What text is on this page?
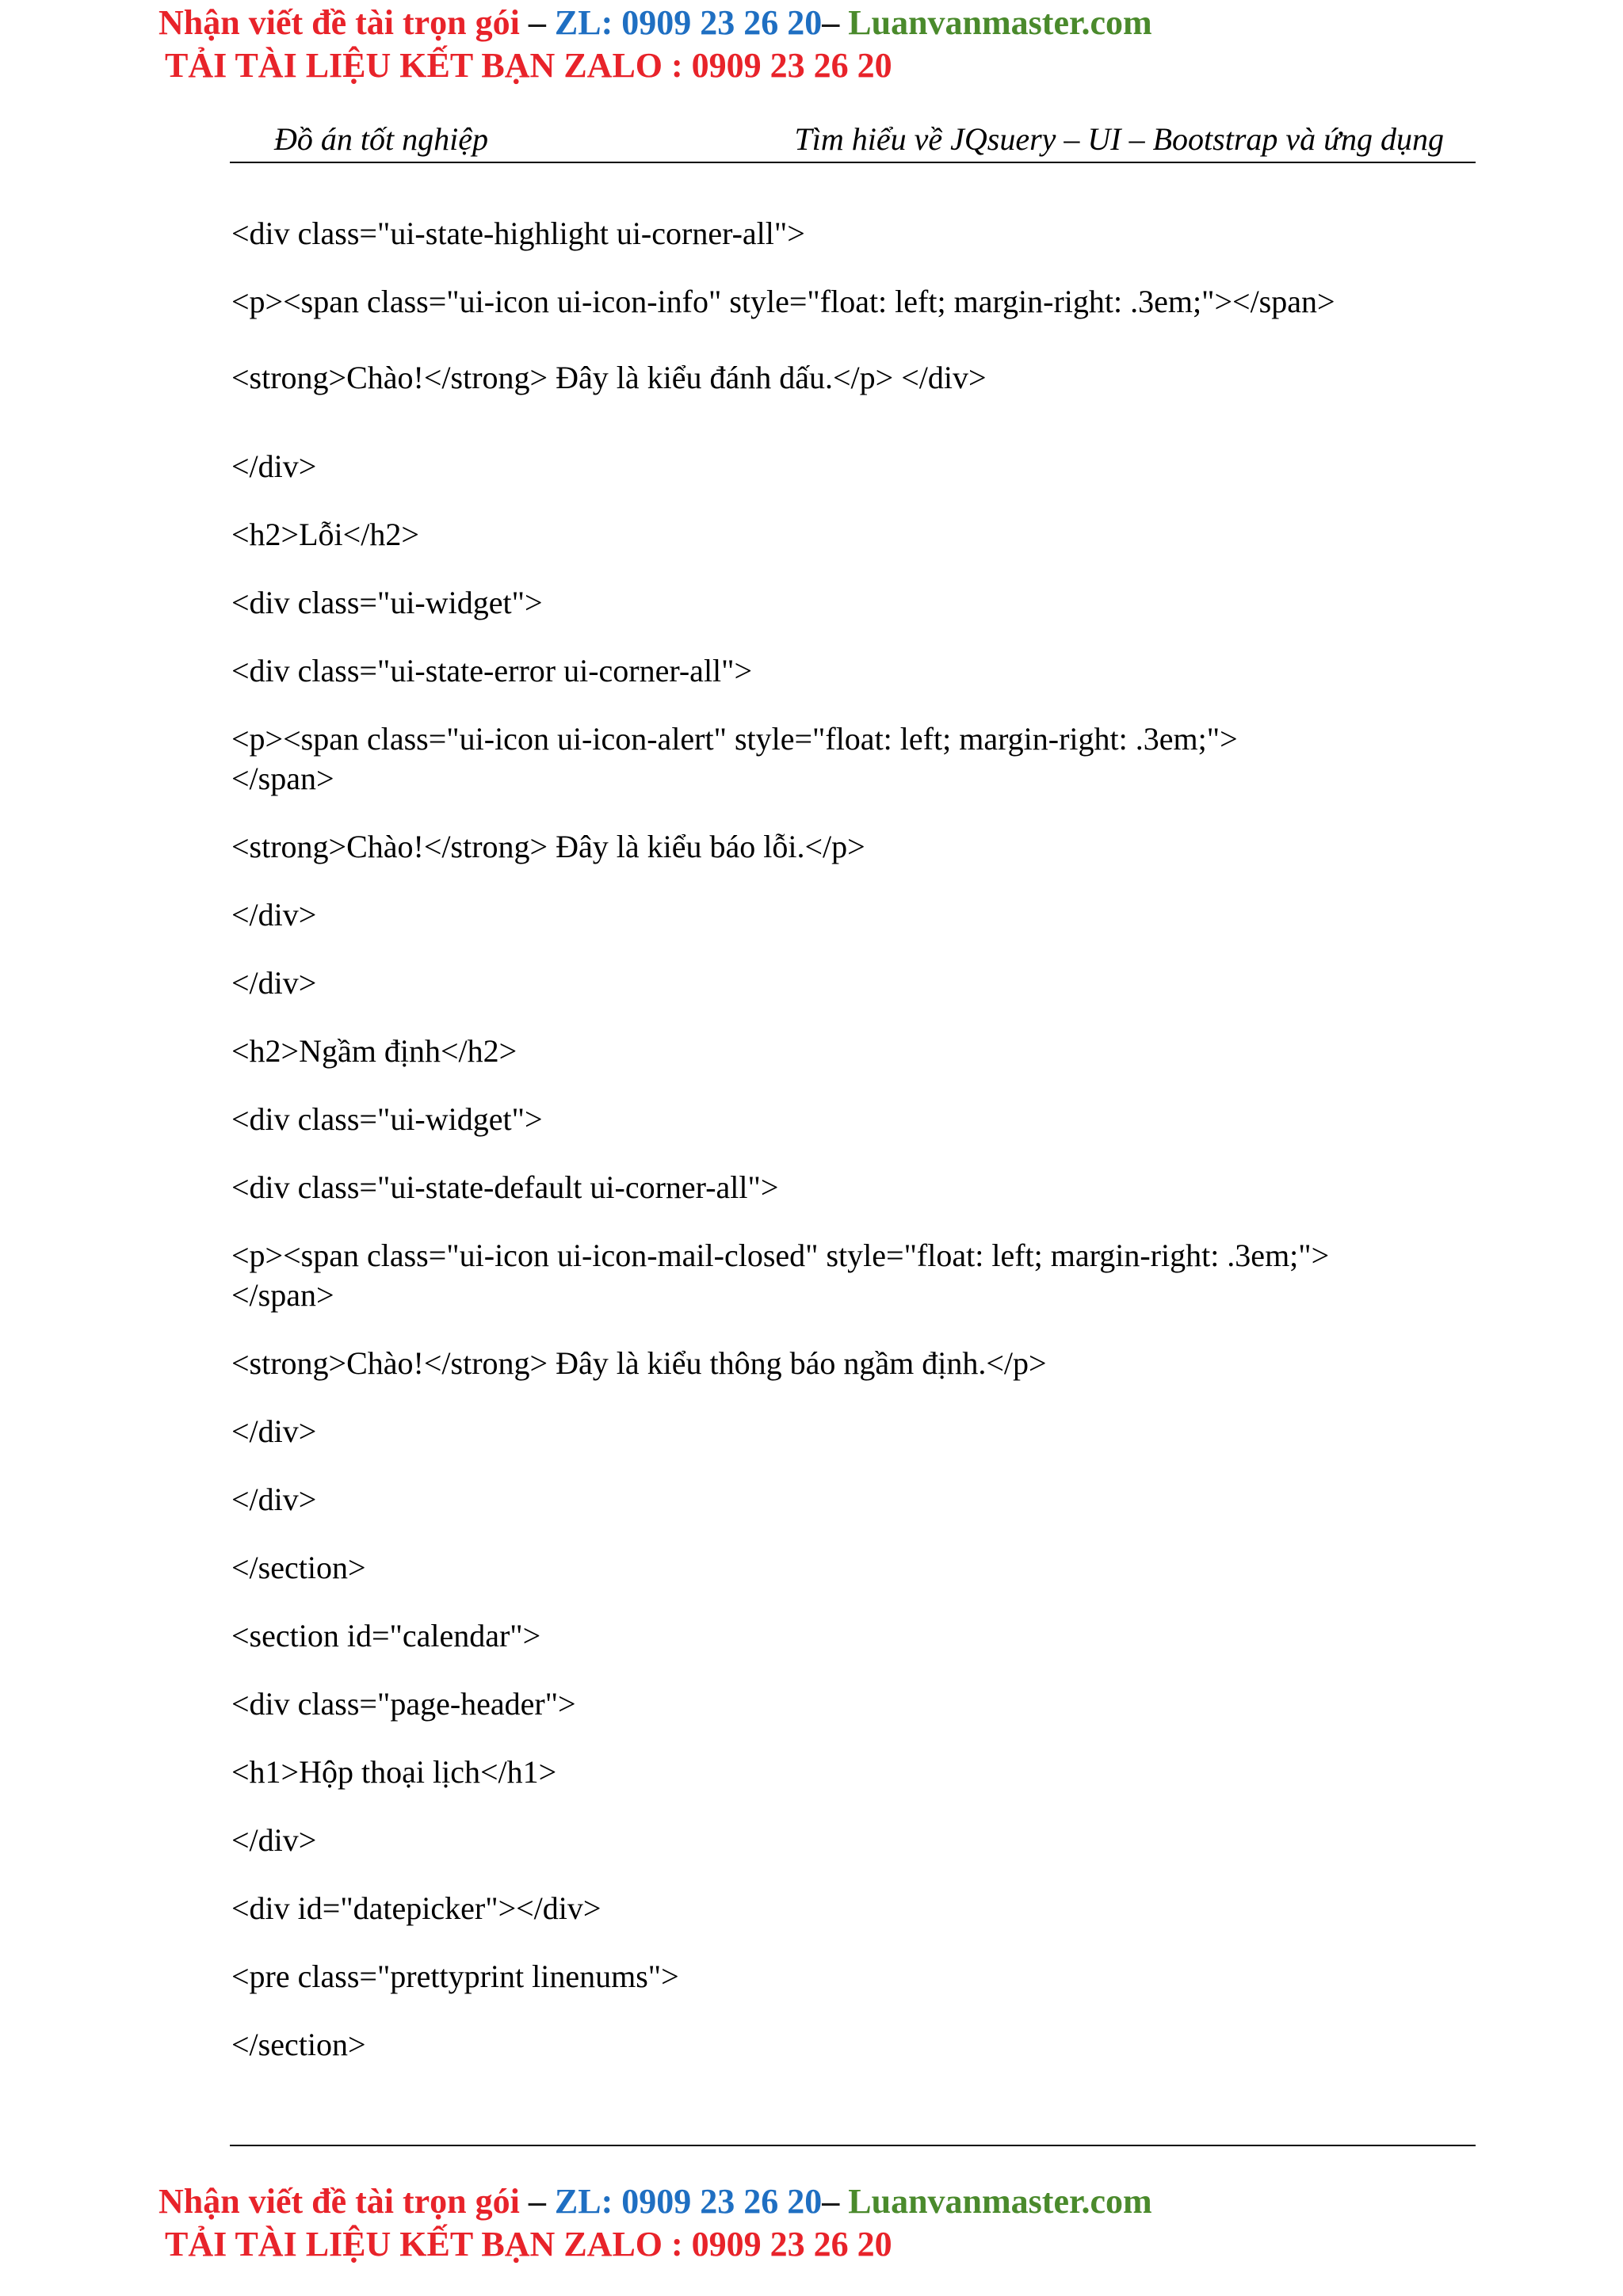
Nhận viết đề tài trọn gói – ZL: 0909 23 26 20– Luanvanmaster.com
TẢI TÀI LIỆU KẾT BẠN ZALO : 0909 23 26 20
Đồ án tốt nghiệp	Tìm hiểu về JQsuery – UI – Bootstrap và ứng dụng
<div class="ui-state-highlight ui-corner-all">
<p><span class="ui-icon ui-icon-info" style="float: left; margin-right: .3em;"></span>
<strong>Chào!</strong> Đây là kiểu đánh dấu.</p> </div>
</div>
<h2>Lỗi</h2>
<div class="ui-widget">
<div class="ui-state-error ui-corner-all">
<p><span class="ui-icon ui-icon-alert" style="float: left; margin-right: .3em;"></span>
<strong>Chào!</strong> Đây là kiểu báo lỗi.</p>
</div>
</div>
<h2>Ngầm định</h2>
<div class="ui-widget">
<div class="ui-state-default ui-corner-all">
<p><span class="ui-icon ui-icon-mail-closed" style="float: left; margin-right: .3em;"></span>
<strong>Chào!</strong> Đây là kiểu thông báo ngầm định.</p>
</div>
</div>
</section>
<section id="calendar">
<div class="page-header">
<h1>Hộp thoại lịch</h1>
</div>
<div id="datepicker"></div>
<pre class="prettyprint linenums">
</section>
Nhận viết đề tài trọn gói – ZL: 0909 23 26 20– Luanvanmaster.com
TẢI TÀI LIỆU KẾT BẠN ZALO : 0909 23 26 20
